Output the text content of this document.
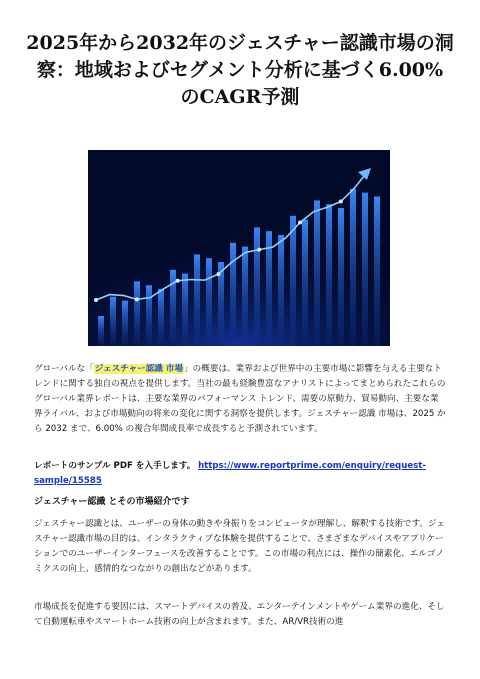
2025年から2032年のジェスチャー認識市場の洞
察：地域およびセグメント分析に基づく6.00%
のCAGR予測

グローバルな「ジェスチャー認識 市場」の概要は、業界および世界中の主要市場に影響を与える主要なトレンドに関する独自の視点を提供します。当社の最も経験豊富なアナリストによってまとめられたこれらのグローバル業界レポートは、主要な業界のパフォーマンス トレンド、需要の原動力、貿易動向、主要な業界ライバル、および市場動向の将来の変化に関する洞察を提供します。ジェスチャー認識 市場は、2025 から 2032 まで、6.00% の複合年間成長率で成長すると予測されています。

レポートのサンプル PDF を入手します。 https://www.reportprime.com/enquiry/request-sample/15585

ジェスチャー認識 とその市場紹介です

ジェスチャー認識とは、ユーザーの身体の動きや身振りをコンピュータが理解し、解釈する技術です。ジェスチャー認識市場の目的は、インタラクティブな体験を提供することで、さまざまなデバイスやアプリケーションでのユーザーインターフェースを改善することです。この市場の利点には、操作の簡素化、エルゴノミクスの向上、感情的なつながりの創出などがあります。

市場成長を促進する要因には、スマートデバイスの普及、エンターテインメントやゲーム業界の進化、そして自動運転車やスマートホーム技術の向上が含まれます。また、AR/VR技術の進
